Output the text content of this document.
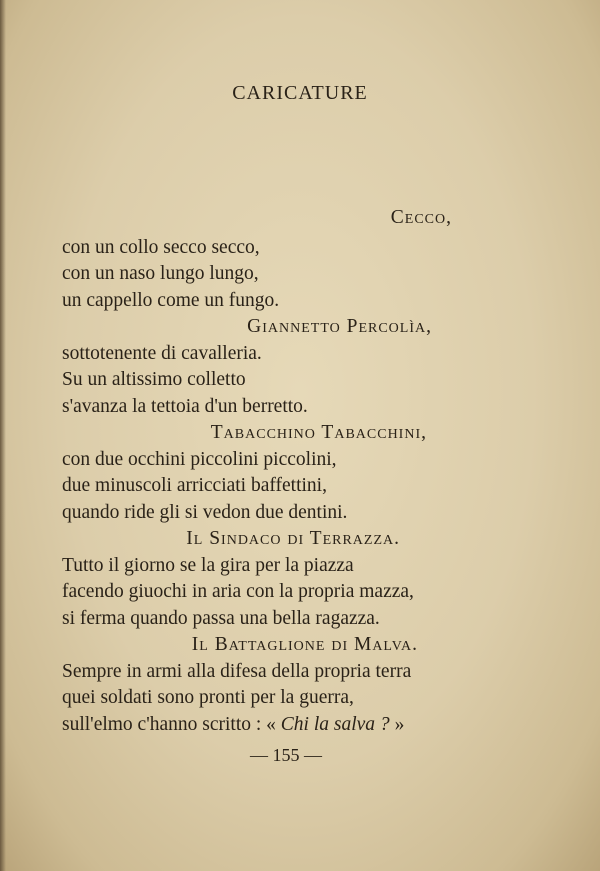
CARICATURE
Cecco,
con un collo secco secco,
con un naso lungo lungo,
un cappello come un fungo.
Giannetto Percolìa,
sottotenente di cavalleria.
Su un altissimo colletto
s'avanza la tettoia d'un berretto.
Tabacchino Tabacchini,
con due occhini piccolini piccolini,
due minuscoli arricciati baffettini,
quando ride gli si vedon due dentini.
Il Sindaco di Terrazza.
Tutto il giorno se la gira per la piazza
facendo giuochi in aria con la propria mazza,
si ferma quando passa una bella ragazza.
Il Battaglione di Malva.
Sempre in armi alla difesa della propria terra
quei soldati sono pronti per la guerra,
sull'elmo c'hanno scritto : « Chi la salva ? »
— 155 —
